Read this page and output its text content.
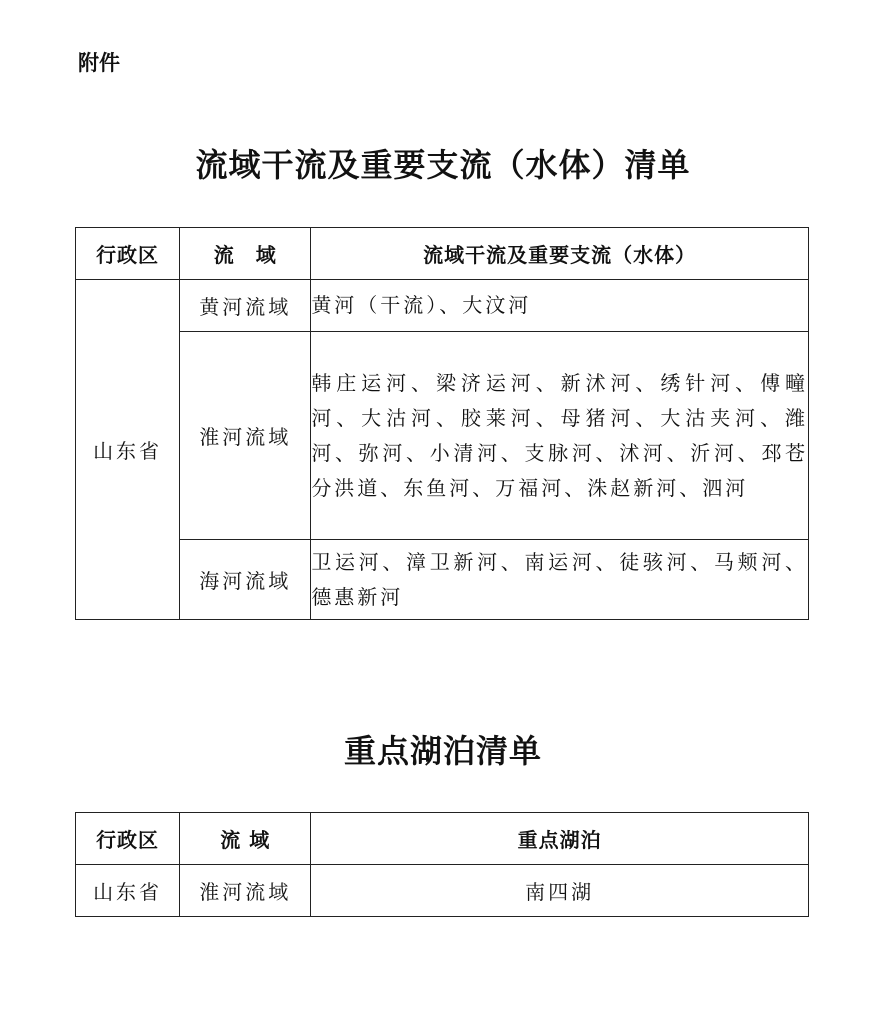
附件
流域干流及重要支流（水体）清单
行政区	流　域	流域干流及重要支流（水体）
山东省	黄河流域	黄河（干流）、大汶河
	淮河流域	韩庄运河、梁济运河、新沭河、绣针河、傅疃河、大沽河、胶莱河、母猪河、大沽夹河、潍河、弥河、小清河、支脉河、沭河、沂河、邳苍分洪道、东鱼河、万福河、洙赵新河、泗河
	海河流域	卫运河、漳卫新河、南运河、徒骇河、马颊河、德惠新河
重点湖泊清单
行政区	流 域	重点湖泊
山东省	淮河流域	南四湖
